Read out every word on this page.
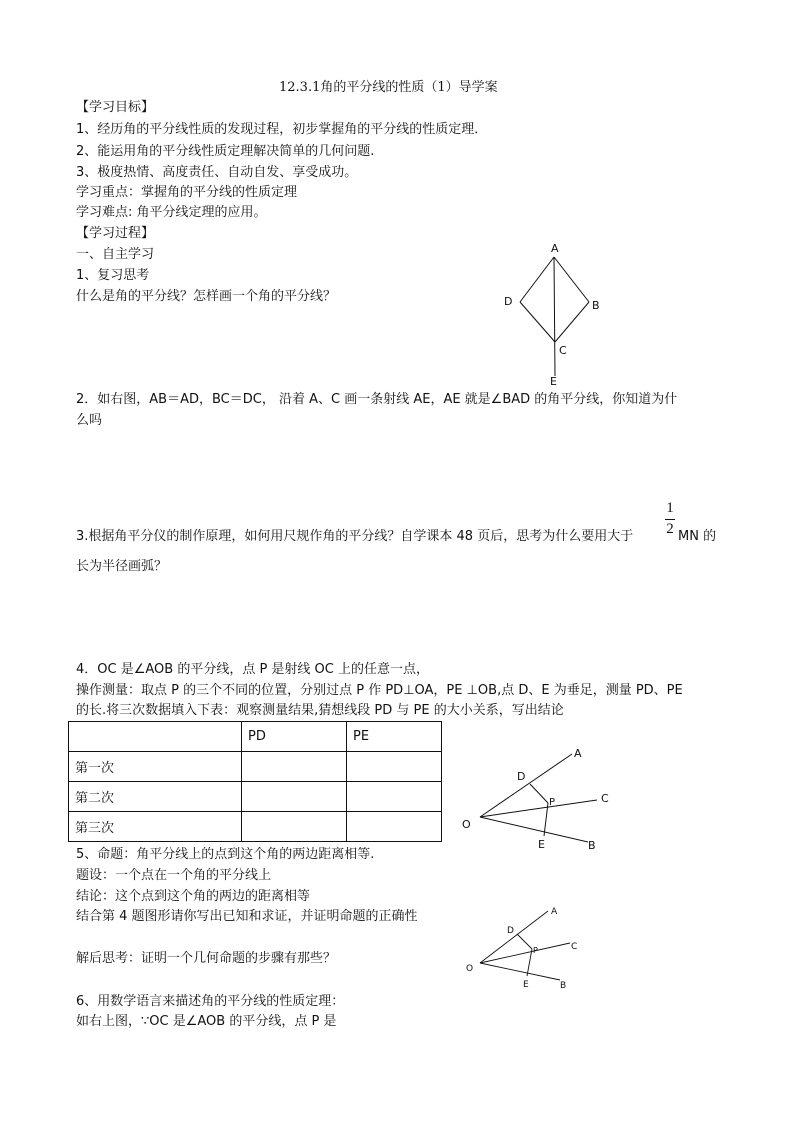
12.3.1角的平分线的性质（1）导学案
【学习目标】
1、经历角的平分线性质的发现过程，初步掌握角的平分线的性质定理．
2、能运用角的平分线性质定理解决简单的几何问题.
3、极度热情、高度责任、自动自发、享受成功。
学习重点：掌握角的平分线的性质定理
学习难点: 角平分线定理的应用。
【学习过程】
一、自主学习
1、复习思考
什么是角的平分线？怎样画一个角的平分线？
A
D	B
C
E
2．如右图，AB＝AD，BC＝DC， 沿着 A、C 画一条射线 AE，AE 就是∠BAD 的角平分线，你知道为什
么吗
3.根据角平分仪的制作原理，如何用尺规作角的平分线？自学课本 48 页后，思考为什么要用大于
1
2 MN 的
长为半径画弧？
4．OC 是∠AOB 的平分线，点 P 是射线 OC 上的任意一点，
操作测量：取点 P 的三个不同的位置，分别过点 P 作 PD⊥OA，PE ⊥OB,点 D、E 为垂足，测量 PD、PE
的长.将三次数据填入下表：观察测量结果,猜想线段 PD 与 PE 的大小关系，写出结论
	PD	PE
第一次		
第二次		
第三次			O
A
D
P	C
E	B
5、命题：角平分线上的点到这个角的两边距离相等.
题设：一个点在一个角的平分线上
结论：这个点到这个角的两边的距离相等
结合第 4 题图形请你写出已知和求证，并证明命题的正确性
解后思考：证明一个几何命题的步骤有那些？
O
A
D
P	C
E	B
6、用数学语言来描述角的平分线的性质定理：
如右上图，∵OC 是∠AOB 的平分线，点 P 是
